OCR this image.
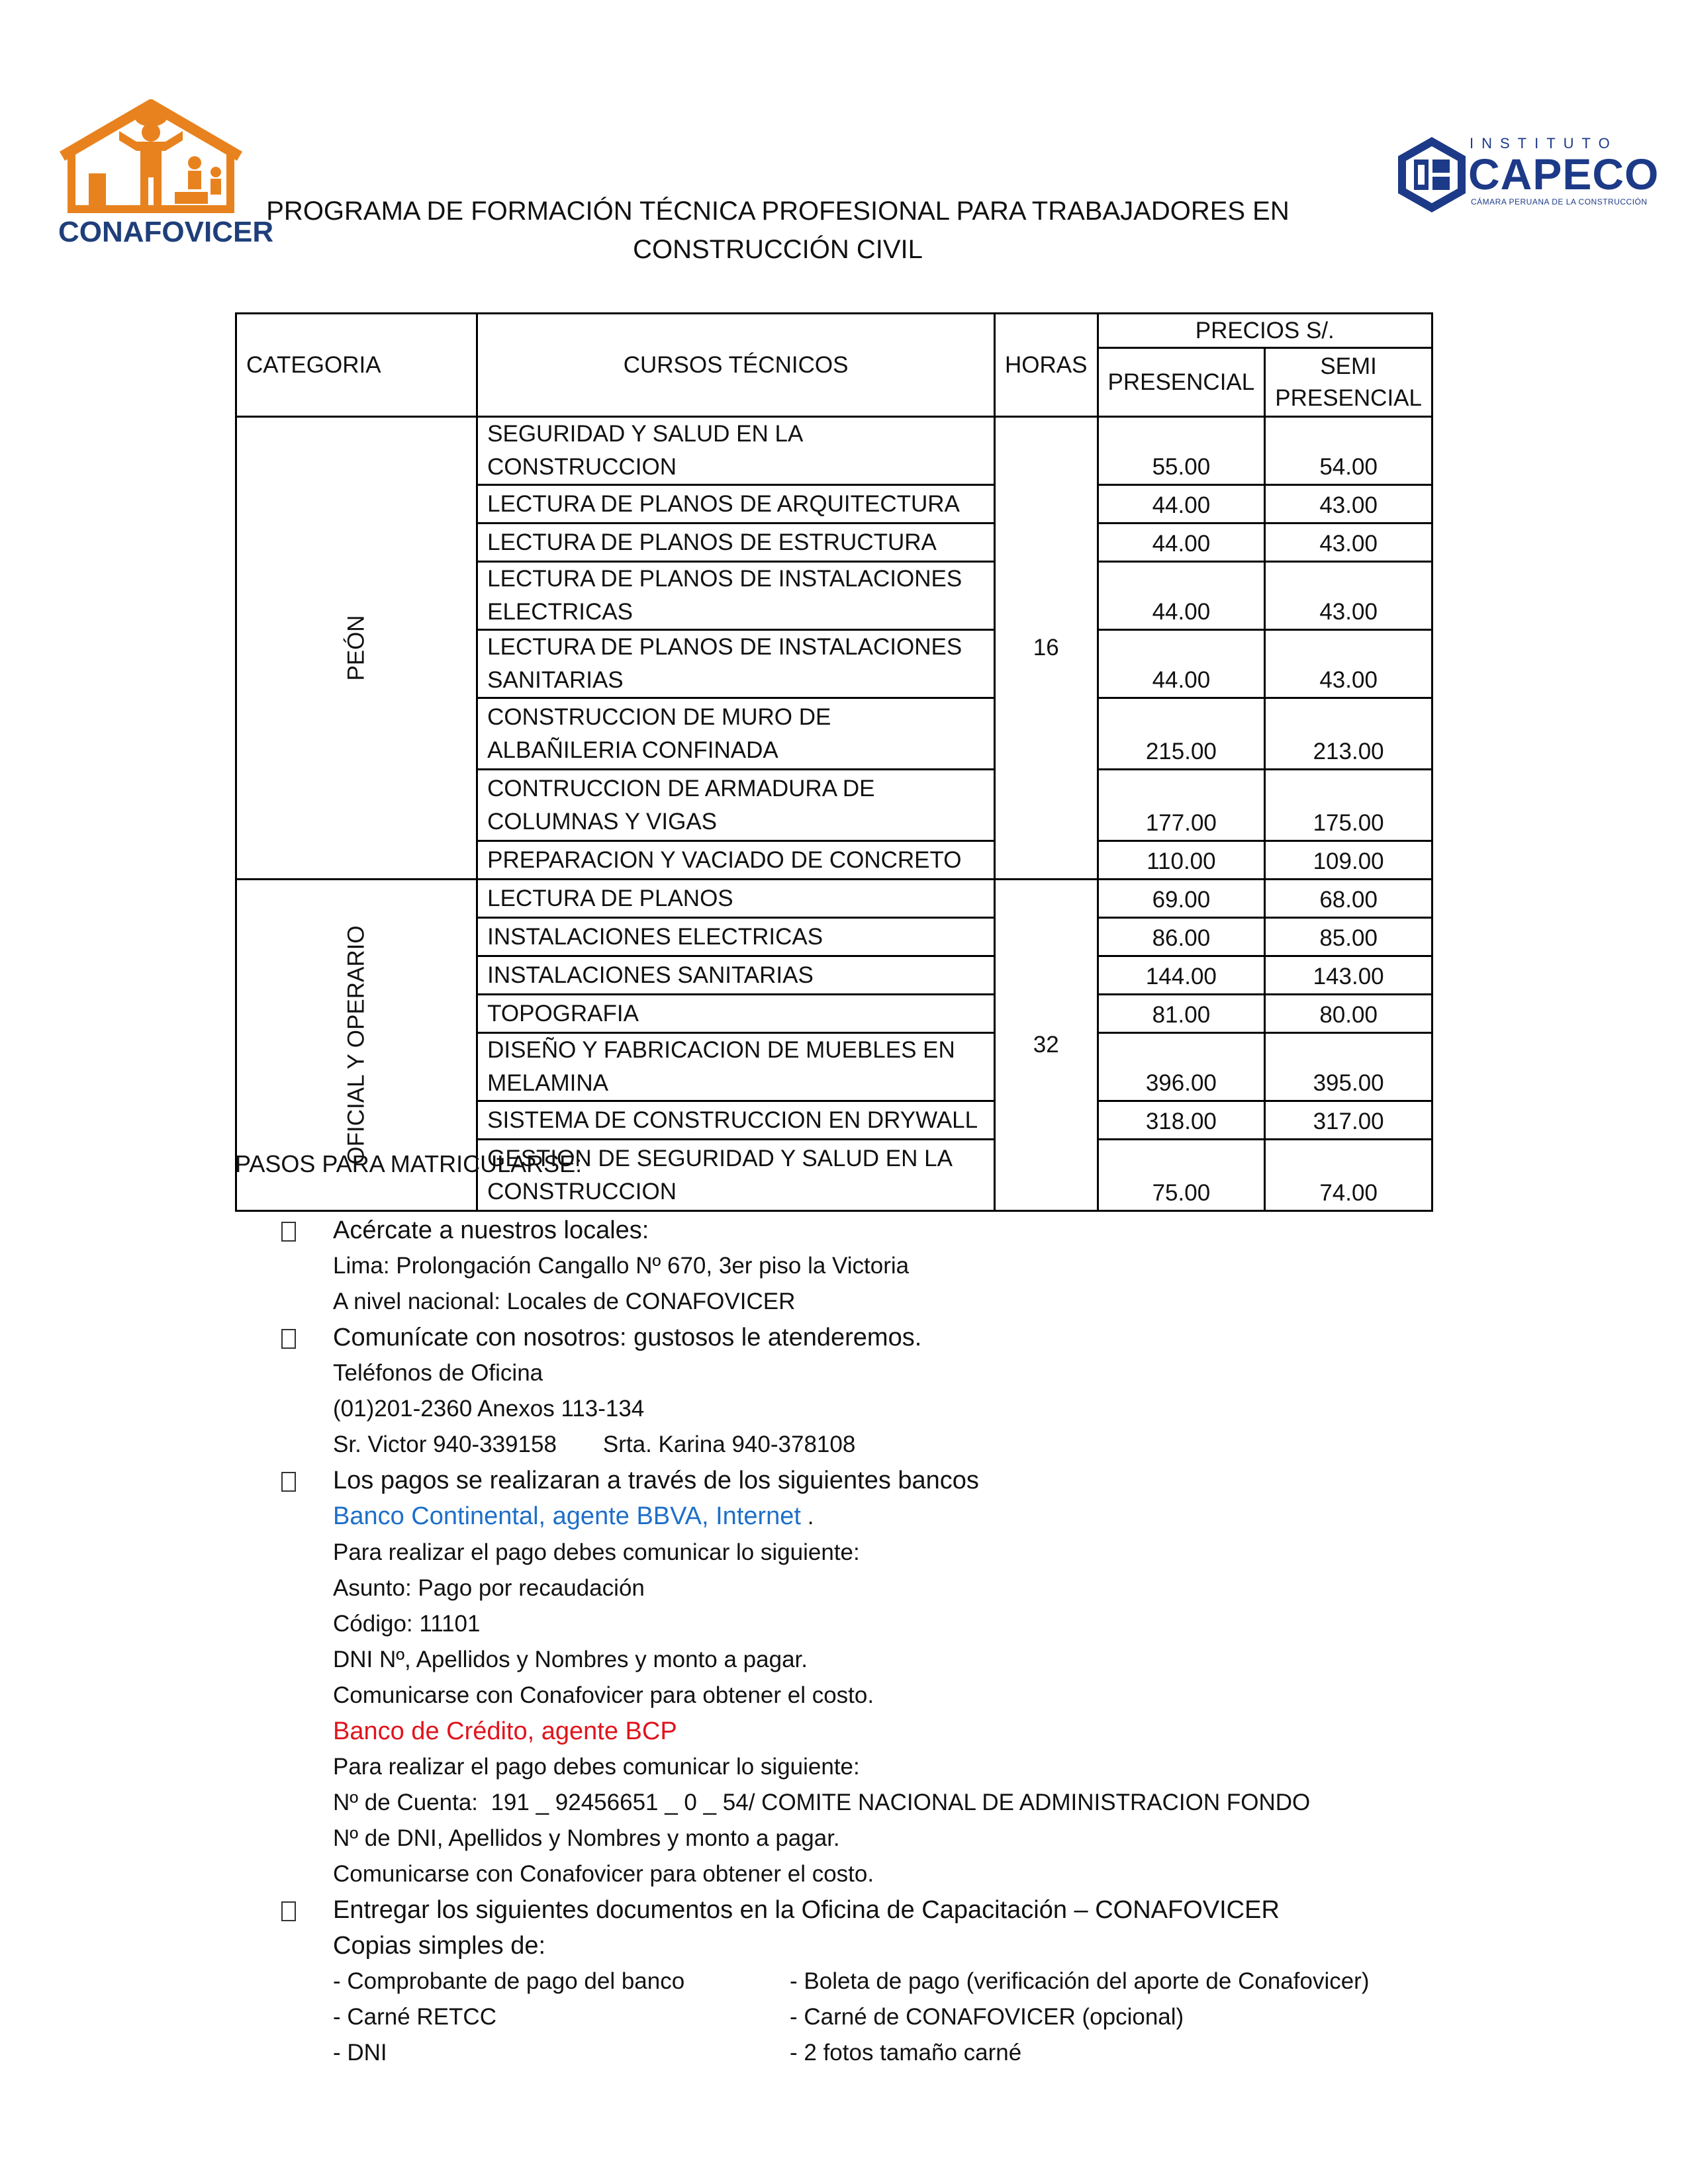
CONAFOVICER
INSTITUTO
CAPECO
CÁMARA PERUANA DE LA CONSTRUCCIÓN
PROGRAMA DE FORMACIÓN TÉCNICA PROFESIONAL PARA TRABAJADORES EN
CONSTRUCCIÓN CIVIL
CATEGORIA	CURSOS TÉCNICOS	HORAS	PRECIOS S/.	
			PRESENCIAL	SEMI PRESENCIAL
PEÓN	SEGURIDAD Y SALUD EN LA CONSTRUCCION	16	55.00	54.00
	LECTURA DE PLANOS DE ARQUITECTURA		44.00	43.00
	LECTURA DE PLANOS DE ESTRUCTURA		44.00	43.00
	LECTURA DE PLANOS DE INSTALACIONES ELECTRICAS		44.00	43.00
	LECTURA DE PLANOS DE INSTALACIONES SANITARIAS		44.00	43.00
	CONSTRUCCION DE MURO DE ALBAÑILERIA CONFINADA		215.00	213.00
	CONTRUCCION DE ARMADURA DE COLUMNAS Y VIGAS		177.00	175.00
	PREPARACION Y VACIADO DE CONCRETO		110.00	109.00
OFICIAL Y OPERARIO	LECTURA DE PLANOS	32	69.00	68.00
	INSTALACIONES ELECTRICAS		86.00	85.00
	INSTALACIONES SANITARIAS		144.00	143.00
	TOPOGRAFIA		81.00	80.00
	DISEÑO Y FABRICACION DE MUEBLES EN MELAMINA		396.00	395.00
	SISTEMA DE CONSTRUCCION EN DRYWALL		318.00	317.00
	GESTION DE SEGURIDAD Y SALUD EN LA CONSTRUCCION		75.00	74.00
PASOS PARA MATRICULARSE:
Acércate a nuestros locales:
Lima: Prolongación Cangallo Nº 670, 3er piso la Victoria
A nivel nacional: Locales de CONAFOVICER
Comunícate con nosotros: gustosos le atenderemos.
Teléfonos de Oficina
(01)201-2360 Anexos 113-134
Sr. Victor 940-339158 Srta. Karina 940-378108
Los pagos se realizaran a través de los siguientes bancos
Banco Continental, agente BBVA, Internet .
Para realizar el pago debes comunicar lo siguiente:
Asunto: Pago por recaudación
Código: 11101
DNI Nº, Apellidos y Nombres y monto a pagar.
Comunicarse con Conafovicer para obtener el costo.
Banco de Crédito, agente BCP
Para realizar el pago debes comunicar lo siguiente:
Nº de Cuenta:  191 _ 92456651 _ 0 _ 54/ COMITE NACIONAL DE ADMINISTRACION FONDO
Nº de DNI, Apellidos y Nombres y monto a pagar.
Comunicarse con Conafovicer para obtener el costo.
Entregar los siguientes documentos en la Oficina de Capacitación – CONAFOVICER
Copias simples de:
- Comprobante de pago del banco
- Carné RETCC
- DNI
- Boleta de pago (verificación del aporte de Conafovicer)
- Carné de CONAFOVICER (opcional)
- 2 fotos tamaño carné
